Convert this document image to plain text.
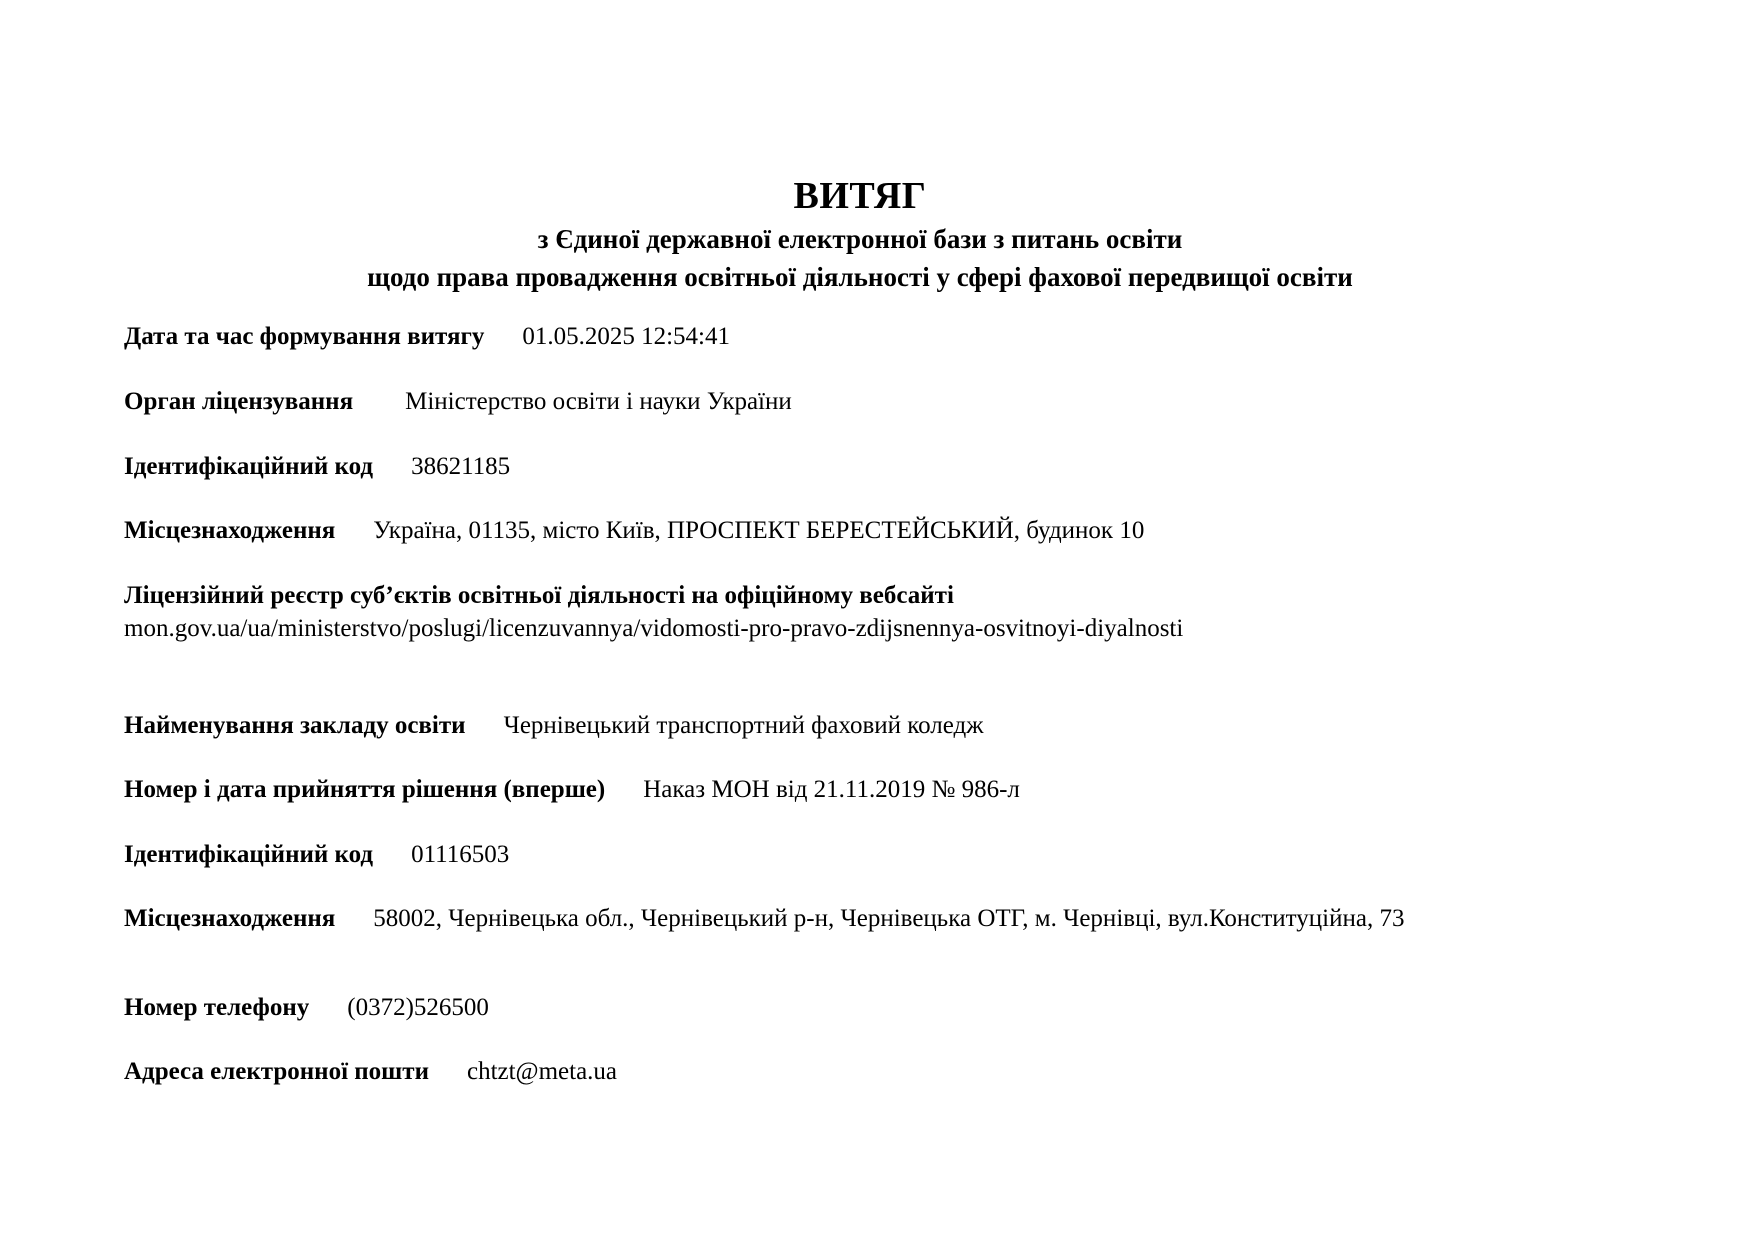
ВИТЯГ
з Єдиної державної електронної бази з питань освіти
щодо права провадження освітньої діяльності у сфері фахової передвищої освіти
Дата та час формування витягу 01.05.2025 12:54:41
Орган ліцензування Міністерство освіти і науки України
Ідентифікаційний код 38621185
Місцезнаходження Україна, 01135, місто Київ, ПРОСПЕКТ БЕРЕСТЕЙСЬКИЙ, будинок 10
Ліцензійний реєстр суб’єктів освітньої діяльності на офіційному вебсайті
mon.gov.ua/ua/ministerstvo/poslugi/licenzuvannya/vidomosti-pro-pravo-zdijsnennya-osvitnoyi-diyalnosti
Найменування закладу освіти Чернівецький транспортний фаховий коледж
Номер і дата прийняття рішення (вперше) Наказ МОН від 21.11.2019 № 986-л
Ідентифікаційний код 01116503
Місцезнаходження 58002, Чернівецька обл., Чернівецький р-н, Чернівецька ОТГ, м. Чернівці, вул.Конституційна, 73
Номер телефону (0372)526500
Адреса електронної пошти chtzt@meta.ua
